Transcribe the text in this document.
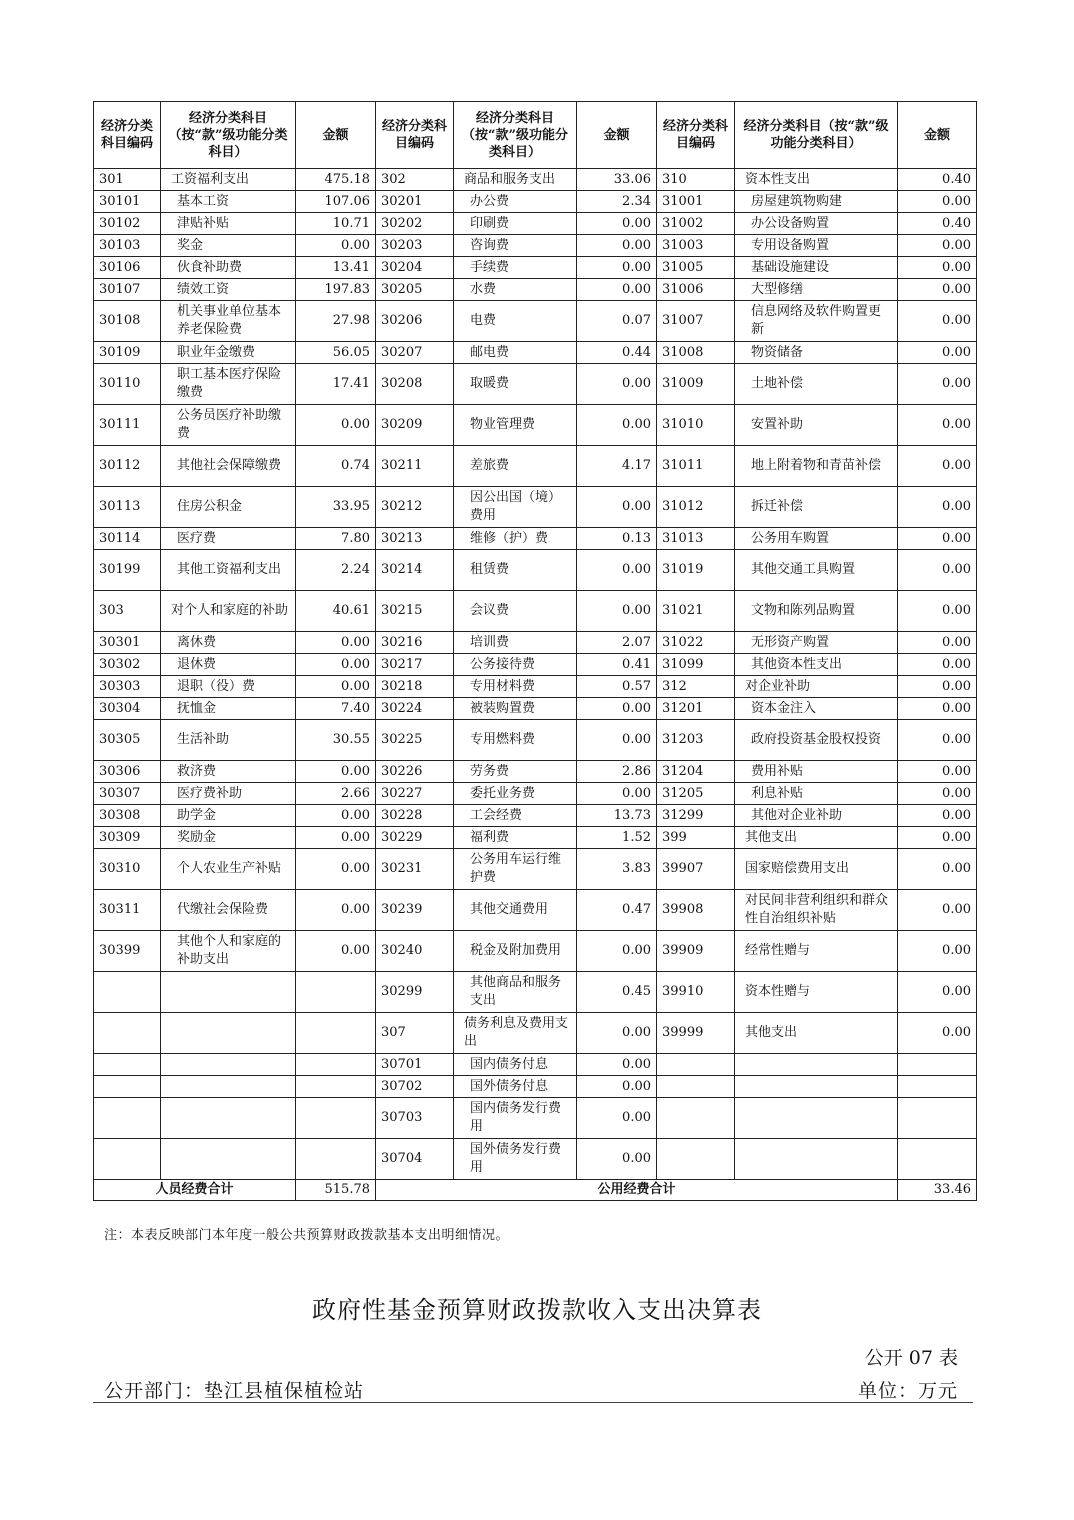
经济分类科目编码	经济分类科目（按“款”级功能分类科目）	金额	经济分类科目编码	经济分类科目（按“款”级功能分类科目）	金额	经济分类科目编码	经济分类科目（按“款”级功能分类科目）	金额
301	工资福利支出	475.18	302	商品和服务支出	33.06	310	资本性支出	0.40
30101	基本工资	107.06	30201	办公费	2.34	31001	房屋建筑物购建	0.00
30102	津贴补贴	10.71	30202	印刷费	0.00	31002	办公设备购置	0.40
30103	奖金	0.00	30203	咨询费	0.00	31003	专用设备购置	0.00
30106	伙食补助费	13.41	30204	手续费	0.00	31005	基础设施建设	0.00
30107	绩效工资	197.83	30205	水费	0.00	31006	大型修缮	0.00
30108	机关事业单位基本养老保险费	27.98	30206	电费	0.07	31007	信息网络及软件购置更新	0.00
30109	职业年金缴费	56.05	30207	邮电费	0.44	31008	物资储备	0.00
30110	职工基本医疗保险缴费	17.41	30208	取暖费	0.00	31009	土地补偿	0.00
30111	公务员医疗补助缴费	0.00	30209	物业管理费	0.00	31010	安置补助	0.00
30112	其他社会保障缴费	0.74	30211	差旅费	4.17	31011	地上附着物和青苗补偿	0.00
30113	住房公积金	33.95	30212	因公出国（境）费用	0.00	31012	拆迁补偿	0.00
30114	医疗费	7.80	30213	维修（护）费	0.13	31013	公务用车购置	0.00
30199	其他工资福利支出	2.24	30214	租赁费	0.00	31019	其他交通工具购置	0.00
303	对个人和家庭的补助	40.61	30215	会议费	0.00	31021	文物和陈列品购置	0.00
30301	离休费	0.00	30216	培训费	2.07	31022	无形资产购置	0.00
30302	退休费	0.00	30217	公务接待费	0.41	31099	其他资本性支出	0.00
30303	退职（役）费	0.00	30218	专用材料费	0.57	312	对企业补助	0.00
30304	抚恤金	7.40	30224	被装购置费	0.00	31201	资本金注入	0.00
30305	生活补助	30.55	30225	专用燃料费	0.00	31203	政府投资基金股权投资	0.00
30306	救济费	0.00	30226	劳务费	2.86	31204	费用补贴	0.00
30307	医疗费补助	2.66	30227	委托业务费	0.00	31205	利息补贴	0.00
30308	助学金	0.00	30228	工会经费	13.73	31299	其他对企业补助	0.00
30309	奖励金	0.00	30229	福利费	1.52	399	其他支出	0.00
30310	个人农业生产补贴	0.00	30231	公务用车运行维护费	3.83	39907	国家赔偿费用支出	0.00
30311	代缴社会保险费	0.00	30239	其他交通费用	0.47	39908	对民间非营利组织和群众性自治组织补贴	0.00
30399	其他个人和家庭的补助支出	0.00	30240	税金及附加费用	0.00	39909	经常性赠与	0.00
			30299	其他商品和服务支出	0.45	39910	资本性赠与	0.00
			307	债务利息及费用支出	0.00	39999	其他支出	0.00
			30701	国内债务付息	0.00			
			30702	国外债务付息	0.00			
			30703	国内债务发行费用	0.00			
			30704	国外债务发行费用	0.00			
人员经费合计		515.78	公用经费合计					33.46
注：本表反映部门本年度一般公共预算财政拨款基本支出明细情况。
政府性基金预算财政拨款收入支出决算表
公开 07 表
公开部门：垫江县植保植检站	单位：万元
